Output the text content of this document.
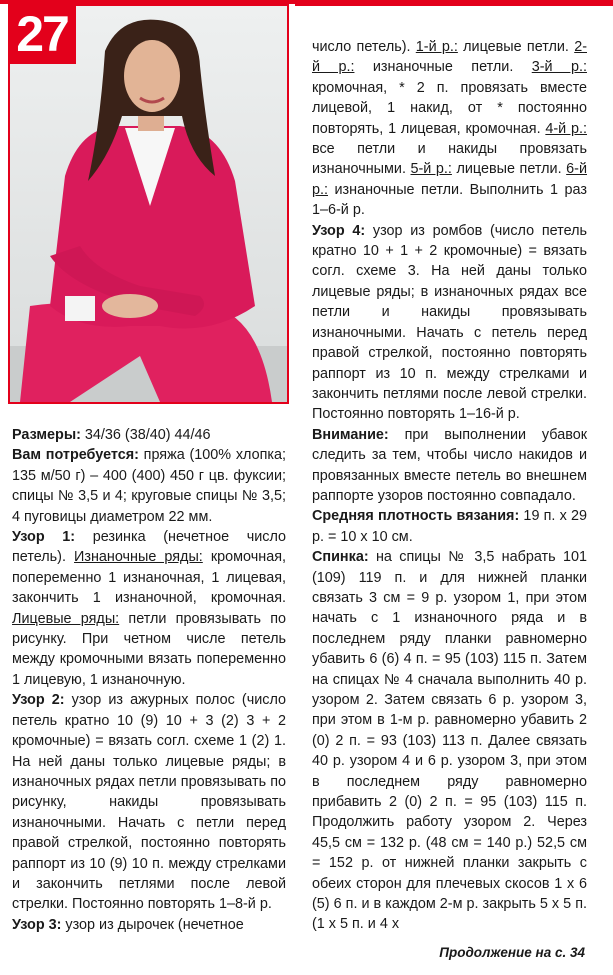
27

Размеры: 34/36 (38/40) 44/46

Вам потребуется: пряжа (100% хлопка; 135 м/50 г) – 400 (400) 450 г цв. фуксии; спицы № 3,5 и 4; круговые спицы № 3,5; 4 пуговицы диаметром 22 мм.

Узор 1: резинка (нечетное число петель). Изнаночные ряды: кромочная, попеременно 1 изнаночная, 1 лицевая, закончить 1 изнаночной, кромочная. Лицевые ряды: петли провязывать по рисунку. При четном числе петель между кромочными вязать попеременно 1 лицевую, 1 изнаночную.

Узор 2: узор из ажурных полос (число петель кратно 10 (9) 10 + 3 (2) 3 + 2 кромочные) = вязать согл. схеме 1 (2) 1. На ней даны только лицевые ряды; в изнаночных рядах петли провязывать по рисунку, накиды провязывать изнаночными. Начать с петли перед правой стрелкой, постоянно повторять раппорт из 10 (9) 10 п. между стрелками и закончить петлями после левой стрелки. Постоянно повторять 1–8-й р.

Узор 3: узор из дырочек (нечетное

число петель). 1-й р.: лицевые петли. 2-й р.: изнаночные петли. 3-й р.: кромочная, * 2 п. провязать вместе лицевой, 1 накид, от * постоянно повторять, 1 лицевая, кромочная. 4-й р.: все петли и накиды провязать изнаночными. 5-й р.: лицевые петли. 6-й р.: изнаночные петли. Выполнить 1 раз 1–6-й р.

Узор 4: узор из ромбов (число петель кратно 10 + 1 + 2 кромочные) = вязать согл. схеме 3. На ней даны только лицевые ряды; в изнаночных рядах все петли и накиды провязывать изнаночными. Начать с петель перед правой стрелкой, постоянно повторять раппорт из 10 п. между стрелками и закончить петлями после левой стрелки. Постоянно повторять 1–16-й р.

Внимание: при выполнении убавок следить за тем, чтобы число накидов и провязанных вместе петель во внешнем раппорте узоров постоянно совпадало.

Средняя плотность вязания: 19 п. х 29 р. = 10 х 10 см.

Спинка: на спицы № 3,5 набрать 101 (109) 119 п. и для нижней планки связать 3 см = 9 р. узором 1, при этом начать с 1 изнаночного ряда и в последнем ряду планки равномерно убавить 6 (6) 4 п. = 95 (103) 115 п. Затем на спицах № 4 сначала выполнить 40 р. узором 2. Затем связать 6 р. узором 3, при этом в 1-м р. равномерно убавить 2 (0) 2 п. = 93 (103) 113 п. Далее связать 40 р. узором 4 и 6 р. узором 3, при этом в последнем ряду равномерно прибавить 2 (0) 2 п. = 95 (103) 115 п. Продолжить работу узором 2. Через 45,5 см = 132 р. (48 см = 140 р.) 52,5 см = 152 р. от нижней планки закрыть с обеих сторон для плечевых скосов 1 х 6 (5) 6 п. и в каждом 2-м р. закрыть 5 х 5 п. (1 х 5 п. и 4 х

Продолжение на с. 34
